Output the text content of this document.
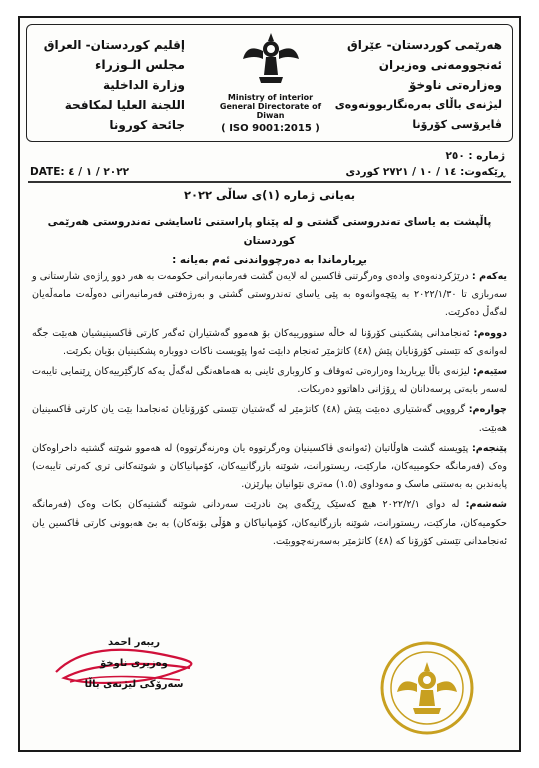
هەرێمی کوردستان- عێراق
ئەنجوومەنی وەزیران
وەزارەتی ناوخۆ
لیژنەی باڵای بەرەنگاربوونەوەی
ڤایرۆسی کۆرۆنا
Ministry of interior
General Directorate of Diwan
( ISO 9001:2015 )
إقليم كوردستان- العراق
مجلس الـوزراء
وزارة الداخلية
اللجنة العليا لمكافحة
جائحة كورونا
ژمارە : ٢٥٠
ڕێکەوت: ١٤ / ١٠ / ٢٧٢١ کوردی
DATE: ٢٠٢٢ / ١ / ٤
بەیانی ژمارە (١)ی ساڵی ٢٠٢٢
پاڵپشت بە یاسای تەندروستی گشتی و لە پێناو پاراستنی ئاسایشی تەندروستی هەرێمی کوردستان
بڕیارماندا بە دەرچوواندنی ئەم بەیانە :

یەکەم : درێژکردنەوەی وادەی وەرگرتنی ڤاکسین لە لایەن گشت فەرمانبەرانی حکومەت بە هەر دوو ڕاژەی شارستانی و سەربازی تا ٢٠٢٢/١/٣٠ بە پێچەوانەوە بە پێی یاسای تەندروستی گشتی و بەرژەفتی فەرمانبەرانی دەوڵەت مامەڵەیان لەگەڵ دەکرێت.

دووەم: ئەنجامدانی پشکنینی کۆرۆنا لە خاڵە سنوورییەکان بۆ هەموو گەشتیاران ئەگەر کارتی ڤاکسینیشیان هەبێت جگە لەوانەی کە تێستی کۆرۆنایان پێش (٤٨) کاتژمێر ئەنجام دابێت ئەوا پێویست ناکات دووبارە پشکنینیان بۆیان بکرێت.

سێیەم: لیژنەی باڵا بڕیاریدا وەزارەتی ئەوقاف و کاروباری ئاینی بە هەماهەنگی لەگەڵ یەکە کارگێرییەکان ڕێنمایی تایبەت لەسەر بابەتی پرسەدانان لە ڕۆژانی داهاتوو دەربکات.

چوارەم: گرووپی گەشتیاری دەبێت پێش (٤٨) کاتژمێر لە گەشتیان تێستی کۆرۆنایان ئەنجامدا بێت یان کارتی ڤاکسینیان هەبێت.

پێنجەم: پێویستە گشت هاوڵاتیان (ئەوانەی ڤاکسینیان وەرگرتووە یان وەرنەگرتووە) لە هەموو شوێنە گشتیە داخراوەکان وەک (فەرمانگە حکومییەکان، مارکێت، ریستورانت، شوێنە بازرگانییەکان، کۆمپانیاکان و شوێنەکانی تری کەرتی تایبەت) پابەندبن بە بەستنی ماسک و مەوداوی (١.٥) مەتری نێوانیان بپارێزن.

شەشەم: لە دوای ٢٠٢٢/٢/١ هیچ کەسێک ڕێگەی پێ نادرێت سەردانی شوێنە گشتیەکان بکات وەک (فەرمانگە حکومیەکان، مارکێت، ریستورانت، شوێنە بازرگانیەکان، کۆمپانیاکان و هۆڵی بۆنەکان) بە بێ هەبوونی کارتی ڤاکسین یان ئەنجامدانی تێستی کۆرۆنا کە (٤٨) کاتژمێر بەسەرنەچووبێت.

ریبەر احمد
وەزیری ناوخۆ
سەرۆکی لیژنەی باڵا
